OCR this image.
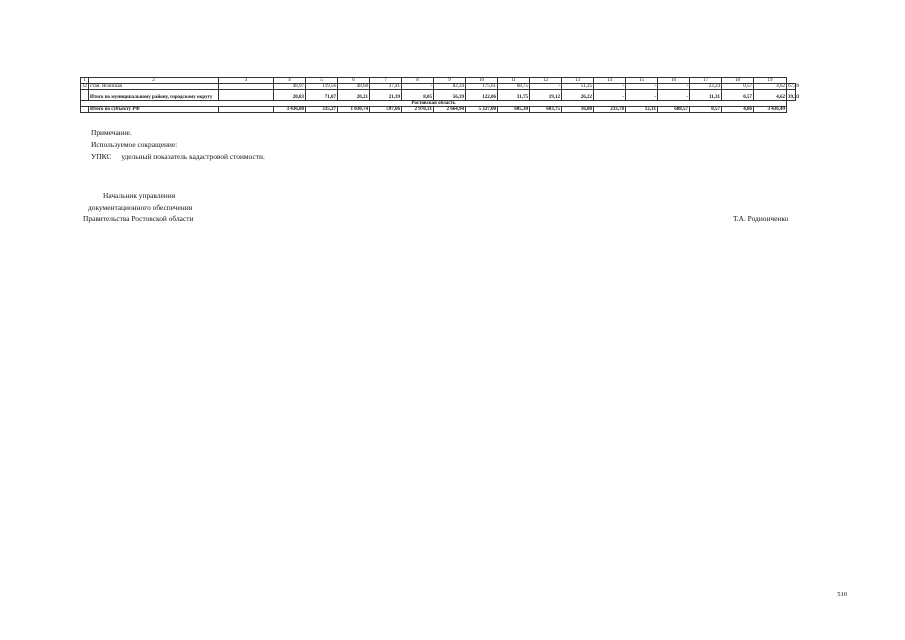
1	2	3	4	5	6	7	8	9	10	11	12	13	14	15	16	17	18	19	
32	стан. Ясинская		48,97	119,56	48,68	37,41	-	82,34	175,61	68,75	-	51,25	-	-	-	23,24	0,57	4,62	67,49
	Итого по муниципальному району, городскому округу		20,83	71,07	20,21	21,39	8,05	56,39	122,06	31,75	19,12	26,22	-	-	-	11,31	0,57	4,62	39,33
Ростовская область																			
	Итого по субъекту РФ		3 436,08	335,27	1 030,74	597,66	2 970,31	2 664,94	5 327,00	605,30	603,75	16,08	233,78	12,31	688,57	0,57	4,86	3 436,49	
Примечание.
Используемое сокращение:
УПКС удельный показатель кадастровой стоимости.
Начальник управления
документационного обеспечения
Правительства Ростовской области	Т.А. Родионченко
510
